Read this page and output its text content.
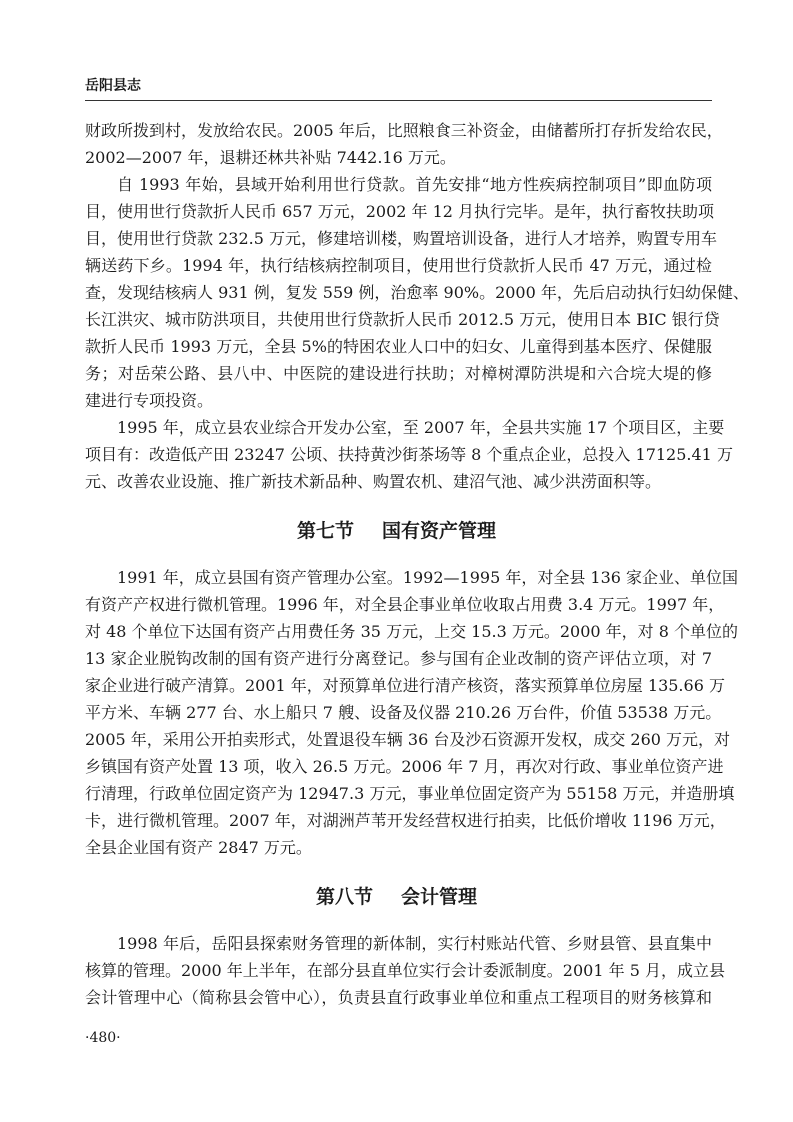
岳阳县志
财政所拨到村，发放给农民。2005 年后，比照粮食三补资金，由储蓄所打存折发给农民，
2002—2007 年，退耕还林共补贴 7442.16 万元。
自 1993 年始，县域开始利用世行贷款。首先安排“地方性疾病控制项目”即血防项
目，使用世行贷款折人民币 657 万元，2002 年 12 月执行完毕。是年，执行畜牧扶助项
目，使用世行贷款 232.5 万元，修建培训楼，购置培训设备，进行人才培养，购置专用车
辆送药下乡。1994 年，执行结核病控制项目，使用世行贷款折人民币 47 万元，通过检
查，发现结核病人 931 例，复发 559 例，治愈率 90%。2000 年，先后启动执行妇幼保健、
长江洪灾、城市防洪项目，共使用世行贷款折人民币 2012.5 万元，使用日本 BIC 银行贷
款折人民币 1993 万元，全县 5%的特困农业人口中的妇女、儿童得到基本医疗、保健服
务；对岳荣公路、县八中、中医院的建设进行扶助；对樟树潭防洪堤和六合垸大堤的修
建进行专项投资。
1995 年，成立县农业综合开发办公室，至 2007 年，全县共实施 17 个项目区，主要
项目有：改造低产田 23247 公顷、扶持黄沙街茶场等 8 个重点企业，总投入 17125.41 万
元、改善农业设施、推广新技术新品种、购置农机、建沼气池、减少洪涝面积等。
第七节 国有资产管理
1991 年，成立县国有资产管理办公室。1992—1995 年，对全县 136 家企业、单位国
有资产产权进行微机管理。1996 年，对全县企事业单位收取占用费 3.4 万元。1997 年，
对 48 个单位下达国有资产占用费任务 35 万元，上交 15.3 万元。2000 年，对 8 个单位的
13 家企业脱钩改制的国有资产进行分离登记。参与国有企业改制的资产评估立项，对 7
家企业进行破产清算。2001 年，对预算单位进行清产核资，落实预算单位房屋 135.66 万
平方米、车辆 277 台、水上船只 7 艘、设备及仪器 210.26 万台件，价值 53538 万元。
2005 年，采用公开拍卖形式，处置退役车辆 36 台及沙石资源开发权，成交 260 万元，对
乡镇国有资产处置 13 项，收入 26.5 万元。2006 年 7 月，再次对行政、事业单位资产进
行清理，行政单位固定资产为 12947.3 万元，事业单位固定资产为 55158 万元，并造册填
卡，进行微机管理。2007 年，对湖洲芦苇开发经营权进行拍卖，比低价增收 1196 万元，
全县企业国有资产 2847 万元。
第八节 会计管理
1998 年后，岳阳县探索财务管理的新体制，实行村账站代管、乡财县管、县直集中
核算的管理。2000 年上半年，在部分县直单位实行会计委派制度。2001 年 5 月，成立县
会计管理中心（简称县会管中心），负责县直行政事业单位和重点工程项目的财务核算和
·480·
